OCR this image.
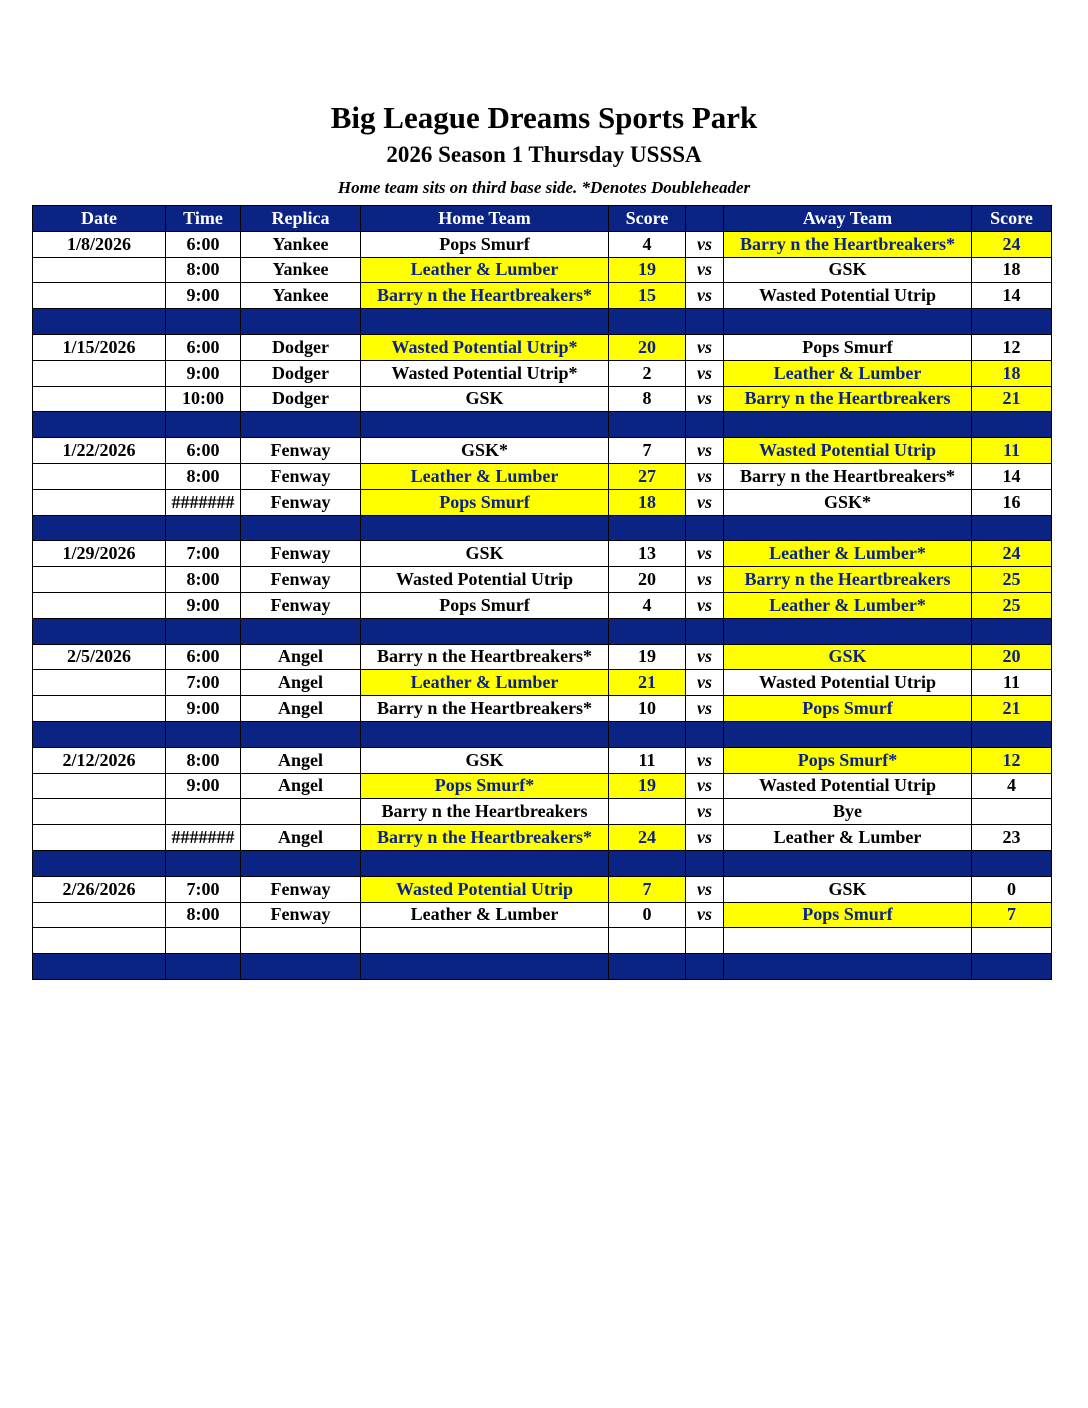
Big League Dreams Sports Park
2026 Season 1 Thursday USSSA
Home team sits on third base side. *Denotes Doubleheader
Date	Time	Replica	Home Team	Score		Away Team	Score
1/8/2026	6:00	Yankee	Pops Smurf	4	vs	Barry n the Heartbreakers*	24
	8:00	Yankee	Leather & Lumber	19	vs	GSK	18
	9:00	Yankee	Barry n the Heartbreakers*	15	vs	Wasted Potential Utrip	14

1/15/2026	6:00	Dodger	Wasted Potential Utrip*	20	vs	Pops Smurf	12
	9:00	Dodger	Wasted Potential Utrip*	2	vs	Leather & Lumber	18
	10:00	Dodger	GSK	8	vs	Barry n the Heartbreakers	21

1/22/2026	6:00	Fenway	GSK*	7	vs	Wasted Potential Utrip	11
	8:00	Fenway	Leather & Lumber	27	vs	Barry n the Heartbreakers*	14
	#######	Fenway	Pops Smurf	18	vs	GSK*	16

1/29/2026	7:00	Fenway	GSK	13	vs	Leather & Lumber*	24
	8:00	Fenway	Wasted Potential Utrip	20	vs	Barry n the Heartbreakers	25
	9:00	Fenway	Pops Smurf	4	vs	Leather & Lumber*	25

2/5/2026	6:00	Angel	Barry n the Heartbreakers*	19	vs	GSK	20
	7:00	Angel	Leather & Lumber	21	vs	Wasted Potential Utrip	11
	9:00	Angel	Barry n the Heartbreakers*	10	vs	Pops Smurf	21

2/12/2026	8:00	Angel	GSK	11	vs	Pops Smurf*	12
	9:00	Angel	Pops Smurf*	19	vs	Wasted Potential Utrip	4
			Barry n the Heartbreakers		vs	Bye	
	#######	Angel	Barry n the Heartbreakers*	24	vs	Leather & Lumber	23

2/26/2026	7:00	Fenway	Wasted Potential Utrip	7	vs	GSK	0
	8:00	Fenway	Leather & Lumber	0	vs	Pops Smurf	7
